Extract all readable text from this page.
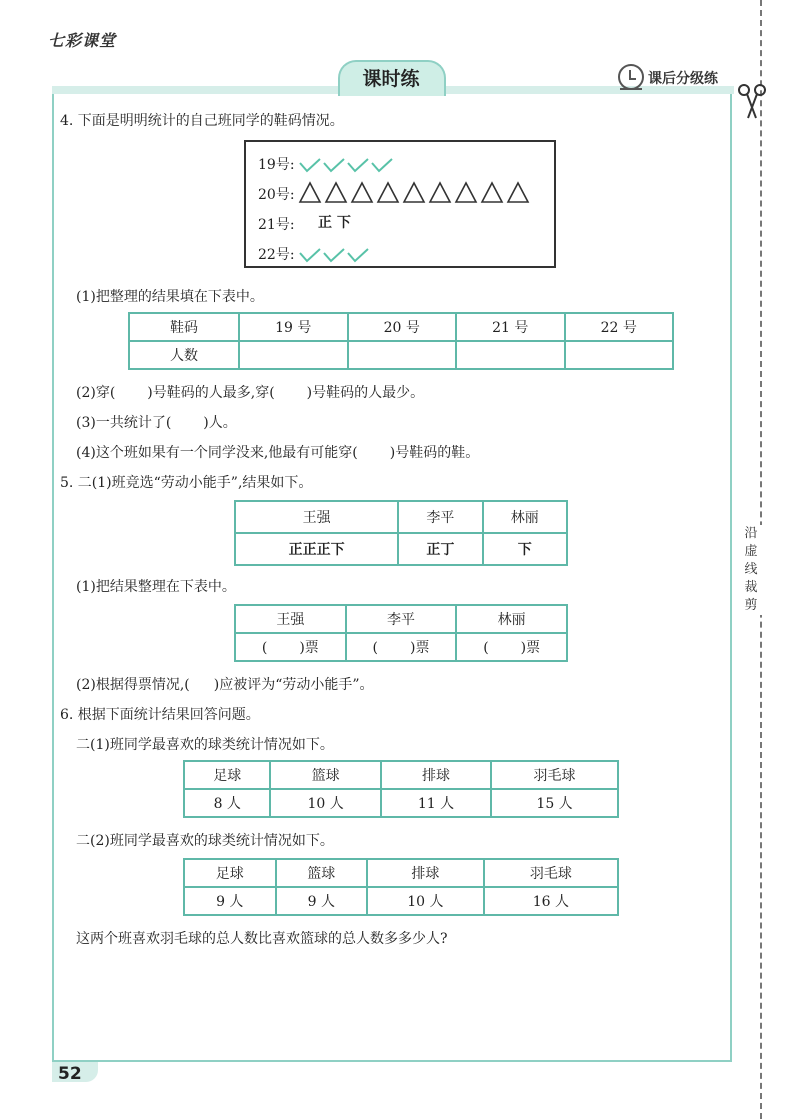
七彩课堂
课时练	课后分级练
沿
虚
线
裁
剪
4. 下面是明明统计的自己班同学的鞋码情况。
19号:
20号:
21号: 正 下
22号:
(1)把整理的结果填在下表中。
鞋码	19 号	20 号	21 号	22 号
人数				
(2)穿( )号鞋码的人最多,穿( )号鞋码的人最少。
(3)一共统计了( )人。
(4)这个班如果有一个同学没来,他最有可能穿( )号鞋码的鞋。
5. 二(1)班竞选“劳动小能手”,结果如下。
王强	李平	林丽
正正正下	正丁	下
(1)把结果整理在下表中。
王强	李平	林丽
( )票	( )票	( )票
(2)根据得票情况,( )应被评为“劳动小能手”。
6. 根据下面统计结果回答问题。
二(1)班同学最喜欢的球类统计情况如下。
足球	篮球	排球	羽毛球
8 人	10 人	11 人	15 人
二(2)班同学最喜欢的球类统计情况如下。
足球	篮球	排球	羽毛球
9 人	9 人	10 人	16 人
这两个班喜欢羽毛球的总人数比喜欢篮球的总人数多多少人?
52
